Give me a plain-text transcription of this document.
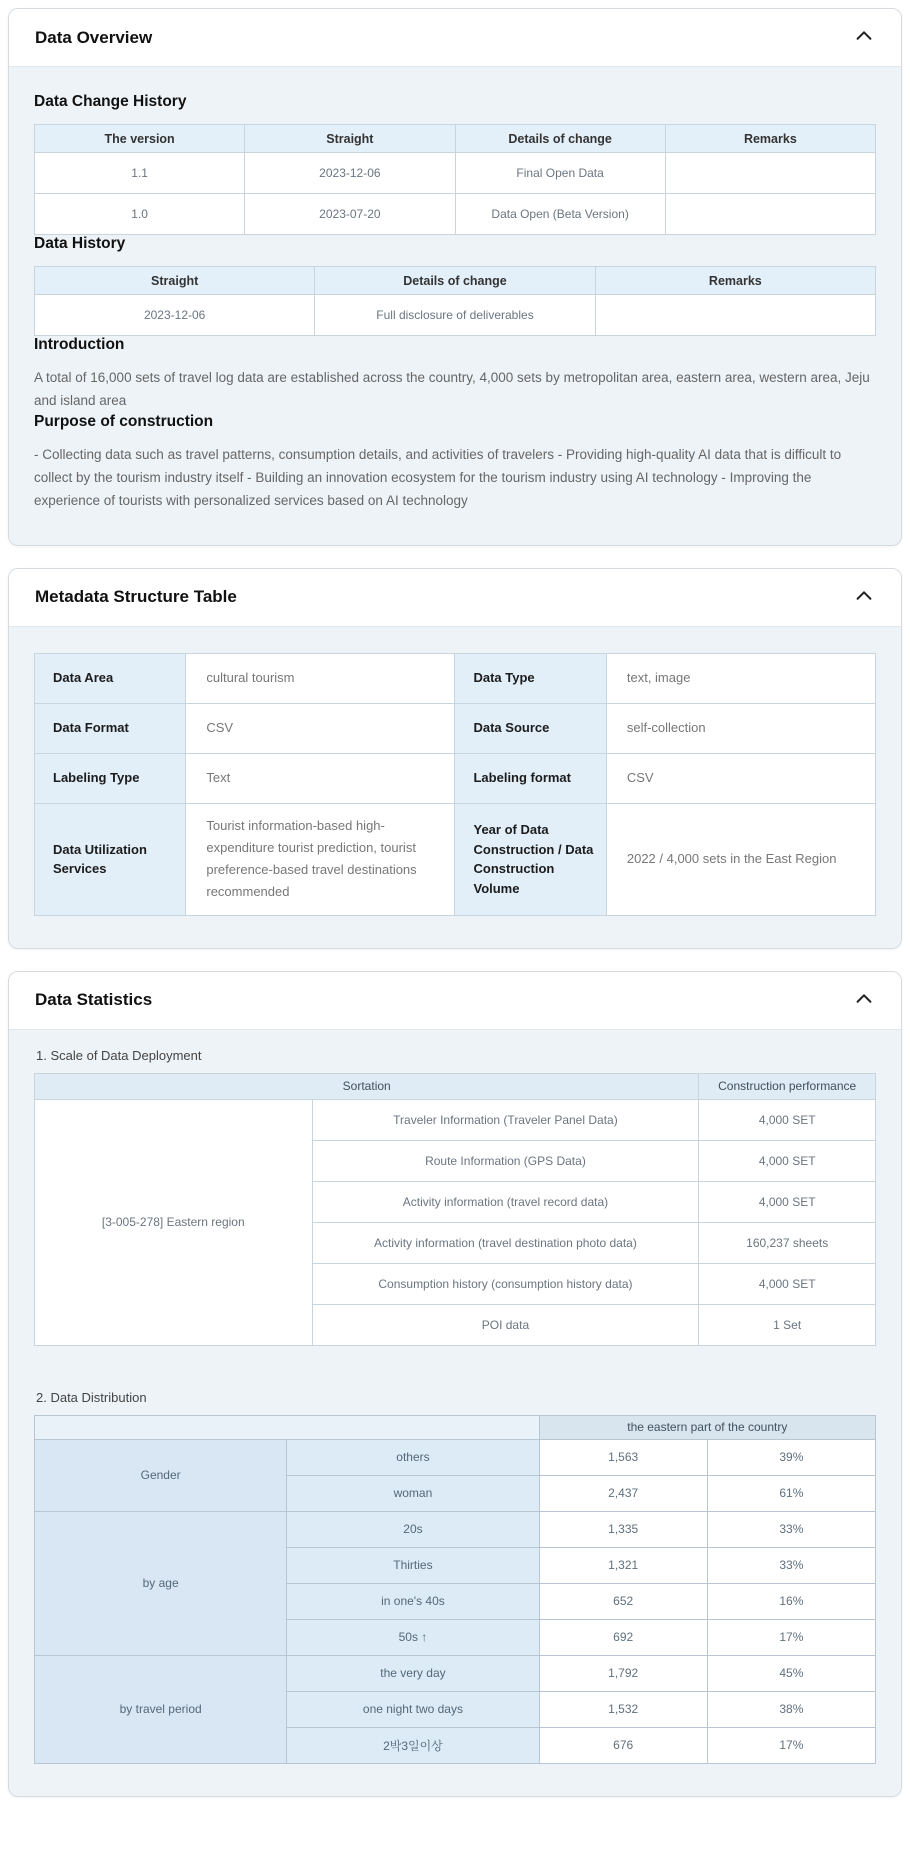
Data Overview
Data Change History
The version	Straight	Details of change	Remarks
1.1	2023-12-06	Final Open Data	
1.0	2023-07-20	Data Open (Beta Version)	
Data History
Straight	Details of change	Remarks
2023-12-06	Full disclosure of deliverables	
Introduction

A total of 16,000 sets of travel log data are established across the country, 4,000 sets by metropolitan area, eastern area, western area, Jeju and island area

Purpose of construction

- Collecting data such as travel patterns, consumption details, and activities of travelers - Providing high-quality AI data that is difficult to collect by the tourism industry itself - Building an innovation ecosystem for the tourism industry using AI technology - Improving the experience of tourists with personalized services based on AI technology

Metadata Structure Table
Data Area	cultural tourism	Data Type	text, image
Data Format	CSV	Data Source	self-collection
Labeling Type	Text	Labeling format	CSV
Data Utilization Services	Tourist information-based high-expenditure tourist prediction, tourist preference-based travel destinations recommended	Year of Data Construction / Data Construction Volume	2022 / 4,000 sets in the East Region
Data Statistics
1. Scale of Data Deployment
Sortation		Construction performance
[3-005-278] Eastern region	Traveler Information (Traveler Panel Data)	4,000 SET
	Route Information (GPS Data)	4,000 SET
	Activity information (travel record data)	4,000 SET
	Activity information (travel destination photo data)	160,237 sheets
	Consumption history (consumption history data)	4,000 SET
	POI data	1 Set
2. Data Distribution
		the eastern part of the country	
Gender	others	1,563	39%
	woman	2,437	61%
by age	20s	1,335	33%
	Thirties	1,321	33%
	in one's 40s	652	16%
	50s ↑	692	17%
by travel period	the very day	1,792	45%
	one night two days	1,532	38%
	2박3일이상	676	17%
